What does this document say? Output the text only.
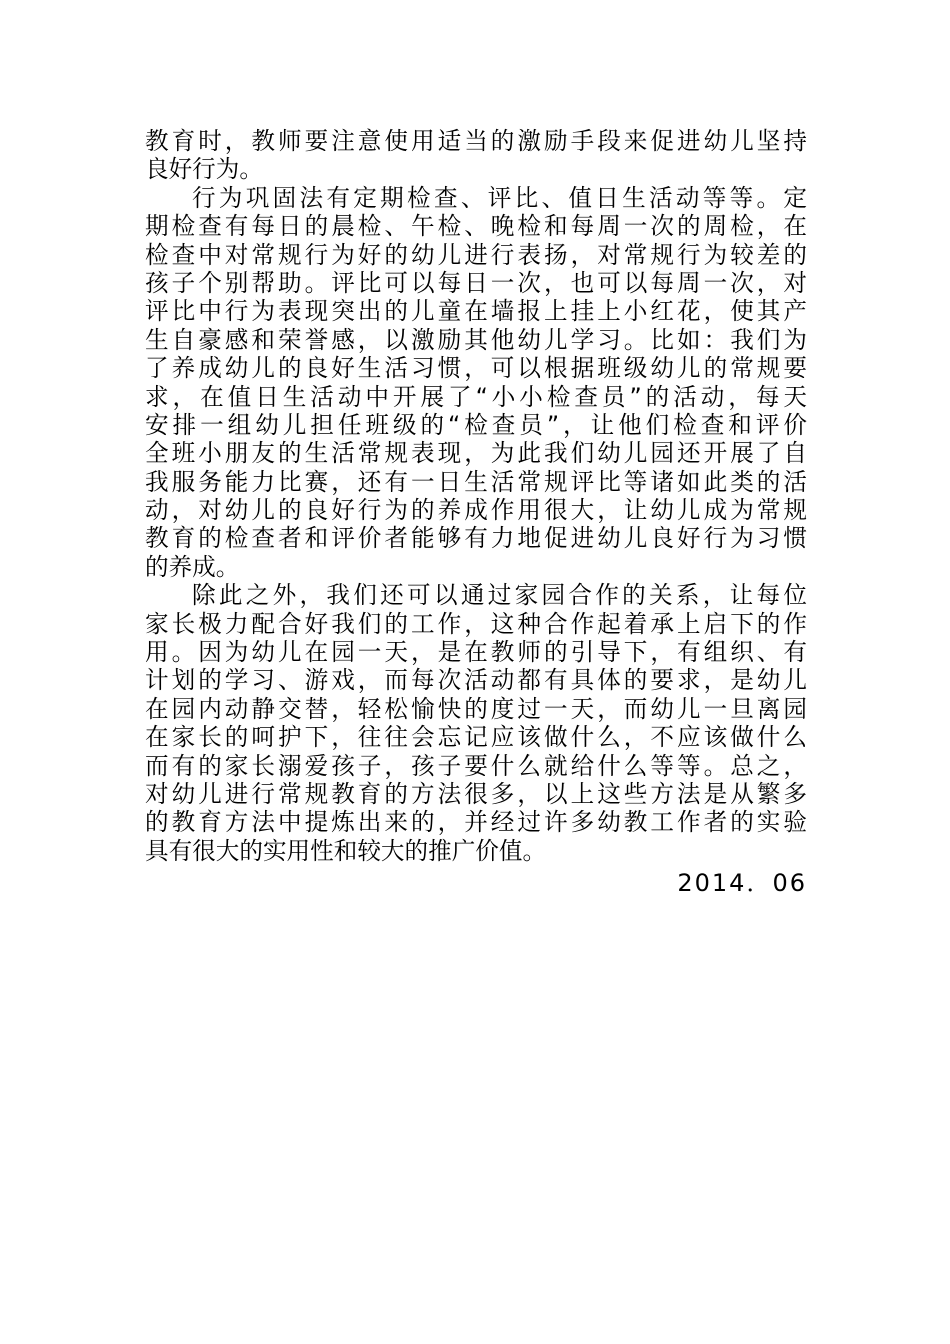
教育时，教师要注意使用适当的激励手段来促进幼儿坚持
良好行为。
行为巩固法有定期检查、评比、值日生活动等等。定
期检查有每日的晨检、午检、晚检和每周一次的周检，在
检查中对常规行为好的幼儿进行表扬，对常规行为较差的
孩子个别帮助。评比可以每日一次，也可以每周一次，对
评比中行为表现突出的儿童在墙报上挂上小红花，使其产
生自豪感和荣誉感，以激励其他幼儿学习。比如：我们为
了养成幼儿的良好生活习惯，可以根据班级幼儿的常规要
求，在值日生活动中开展了“小小检查员”的活动，每天
安排一组幼儿担任班级的“检查员”，让他们检查和评价
全班小朋友的生活常规表现，为此我们幼儿园还开展了自
我服务能力比赛，还有一日生活常规评比等诸如此类的活
动，对幼儿的良好行为的养成作用很大，让幼儿成为常规
教育的检查者和评价者能够有力地促进幼儿良好行为习惯
的养成。
除此之外，我们还可以通过家园合作的关系，让每位
家长极力配合好我们的工作，这种合作起着承上启下的作
用。因为幼儿在园一天，是在教师的引导下，有组织、有
计划的学习、游戏，而每次活动都有具体的要求，是幼儿
在园内动静交替，轻松愉快的度过一天，而幼儿一旦离园
在家长的呵护下，往往会忘记应该做什么，不应该做什么
而有的家长溺爱孩子，孩子要什么就给什么等等。总之，
对幼儿进行常规教育的方法很多，以上这些方法是从繁多
的教育方法中提炼出来的，并经过许多幼教工作者的实验
具有很大的实用性和较大的推广价值。
2014．06
